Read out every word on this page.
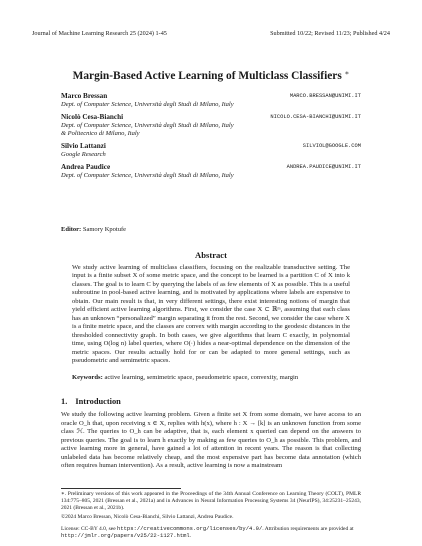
Journal of Machine Learning Research 25 (2024) 1-45	Submitted 10/22; Revised 11/23; Published 4/24
Margin-Based Active Learning of Multiclass Classifiers ∗
Marco Bressan	MARCO.BRESSAN@UNIMI.IT
Dept. of Computer Science, Università degli Studi di Milano, Italy
Nicolò Cesa-Bianchi	NICOLO.CESA-BIANCHI@UNIMI.IT
Dept. of Computer Science, Università degli Studi di Milano, Italy
& Politecnico di Milano, Italy
Silvio Lattanzi	SILVIOL@GOOGLE.COM
Google Research
Andrea Paudice	ANDREA.PAUDICE@UNIMI.IT
Dept. of Computer Science, Università degli Studi di Milano, Italy
Editor: Samory Kpotufe
Abstract
We study active learning of multiclass classifiers, focusing on the realizable transductive setting. The input is a finite subset X of some metric space, and the concept to be learned is a partition C of X into k classes. The goal is to learn C by querying the labels of as few elements of X as possible. This is a useful subroutine in pool-based active learning, and is motivated by applications where labels are expensive to obtain. Our main result is that, in very different settings, there exist interesting notions of margin that yield efficient active learning algorithms. First, we consider the case X ⊂ ℝᵐ, assuming that each class has an unknown “personalized” margin separating it from the rest. Second, we consider the case where X is a finite metric space, and the classes are convex with margin according to the geodesic distances in the thresholded connectivity graph. In both cases, we give algorithms that learn C exactly, in polynomial time, using O(log n) label queries, where O(·) hides a near-optimal dependence on the dimension of the metric spaces. Our results actually hold for or can be adapted to more general settings, such as pseudometric and semimetric spaces.
Keywords: active learning, semimetric space, pseudometric space, convexity, margin
1. Introduction
We study the following active learning problem. Given a finite set X from some domain, we have access to an oracle O_h that, upon receiving x ∈ X, replies with h(x), where h : X → [k] is an unknown function from some class ℋ. The queries to O_h can be adaptive, that is, each element x queried can depend on the answers to previous queries. The goal is to learn h exactly by making as few queries to O_h as possible. This problem, and active learning more in general, have gained a lot of attention in recent years. The reason is that collecting unlabeled data has become relatively cheap, and the most expensive part has become data annotation (which often requires human intervention). As a result, active learning is now a mainstream
∗. Preliminary versions of this work appeared in the Proceedings of the 34th Annual Conference on Learning Theory (COLT), PMLR 134:775–805, 2021 (Bressan et al., 2021a) and in Advances in Neural Information Processing Systems 34 (NeurIPS), 34:25231–25243, 2021 (Bressan et al., 2021b).
©2024 Marco Bressan, Nicolò Cesa-Bianchi, Silvio Lattanzi, Andrea Paudice.
License: CC-BY 4.0, see https://creativecommons.org/licenses/by/4.0/. Attribution requirements are provided at http://jmlr.org/papers/v25/22-1127.html.
